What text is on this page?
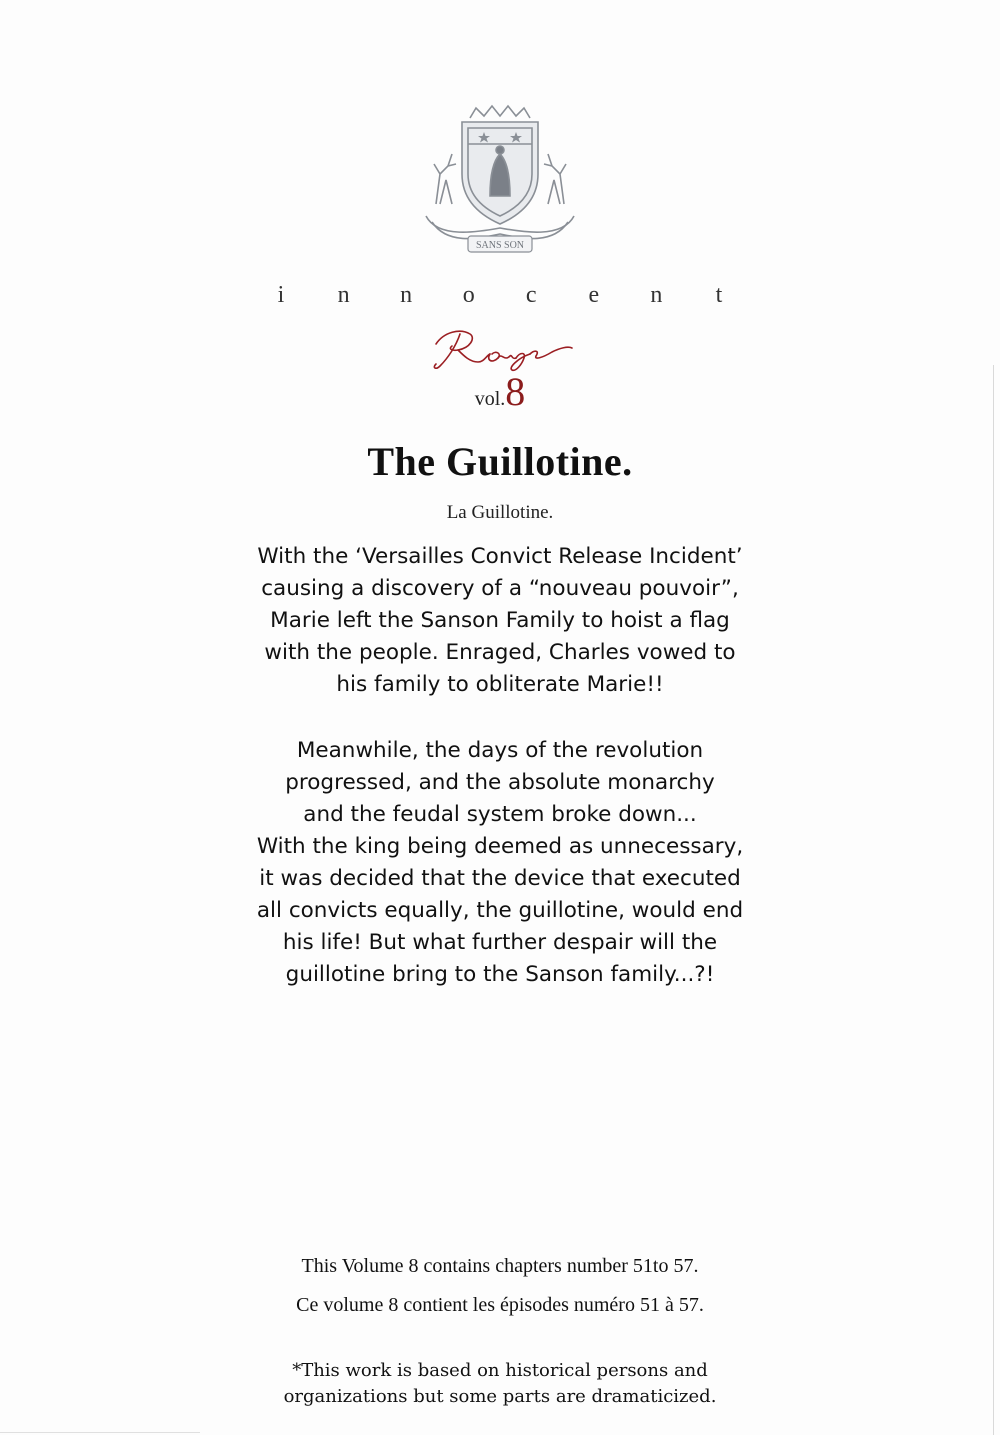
SANS SON
i	n n o c e n	t
vol.8
The Guillotine.
La Guillotine.
With the ‘Versailles Convict Release Incident’
causing a discovery of a “nouveau pouvoir”,
Marie left the Sanson Family to hoist a flag
with the people. Enraged, Charles vowed to
his family to obliterate Marie!!
Meanwhile, the days of the revolution
progressed, and the absolute monarchy
and the feudal system broke down...
With the king being deemed as unnecessary,
it was decided that the device that executed
all convicts equally, the guillotine, would end
his life! But what further despair will the
guillotine bring to the Sanson family...?!
This Volume 8 contains chapters number 51to 57.
Ce volume 8 contient les épisodes numéro 51 à 57.
*This work is based on historical persons and
organizations but some parts are dramaticized.
